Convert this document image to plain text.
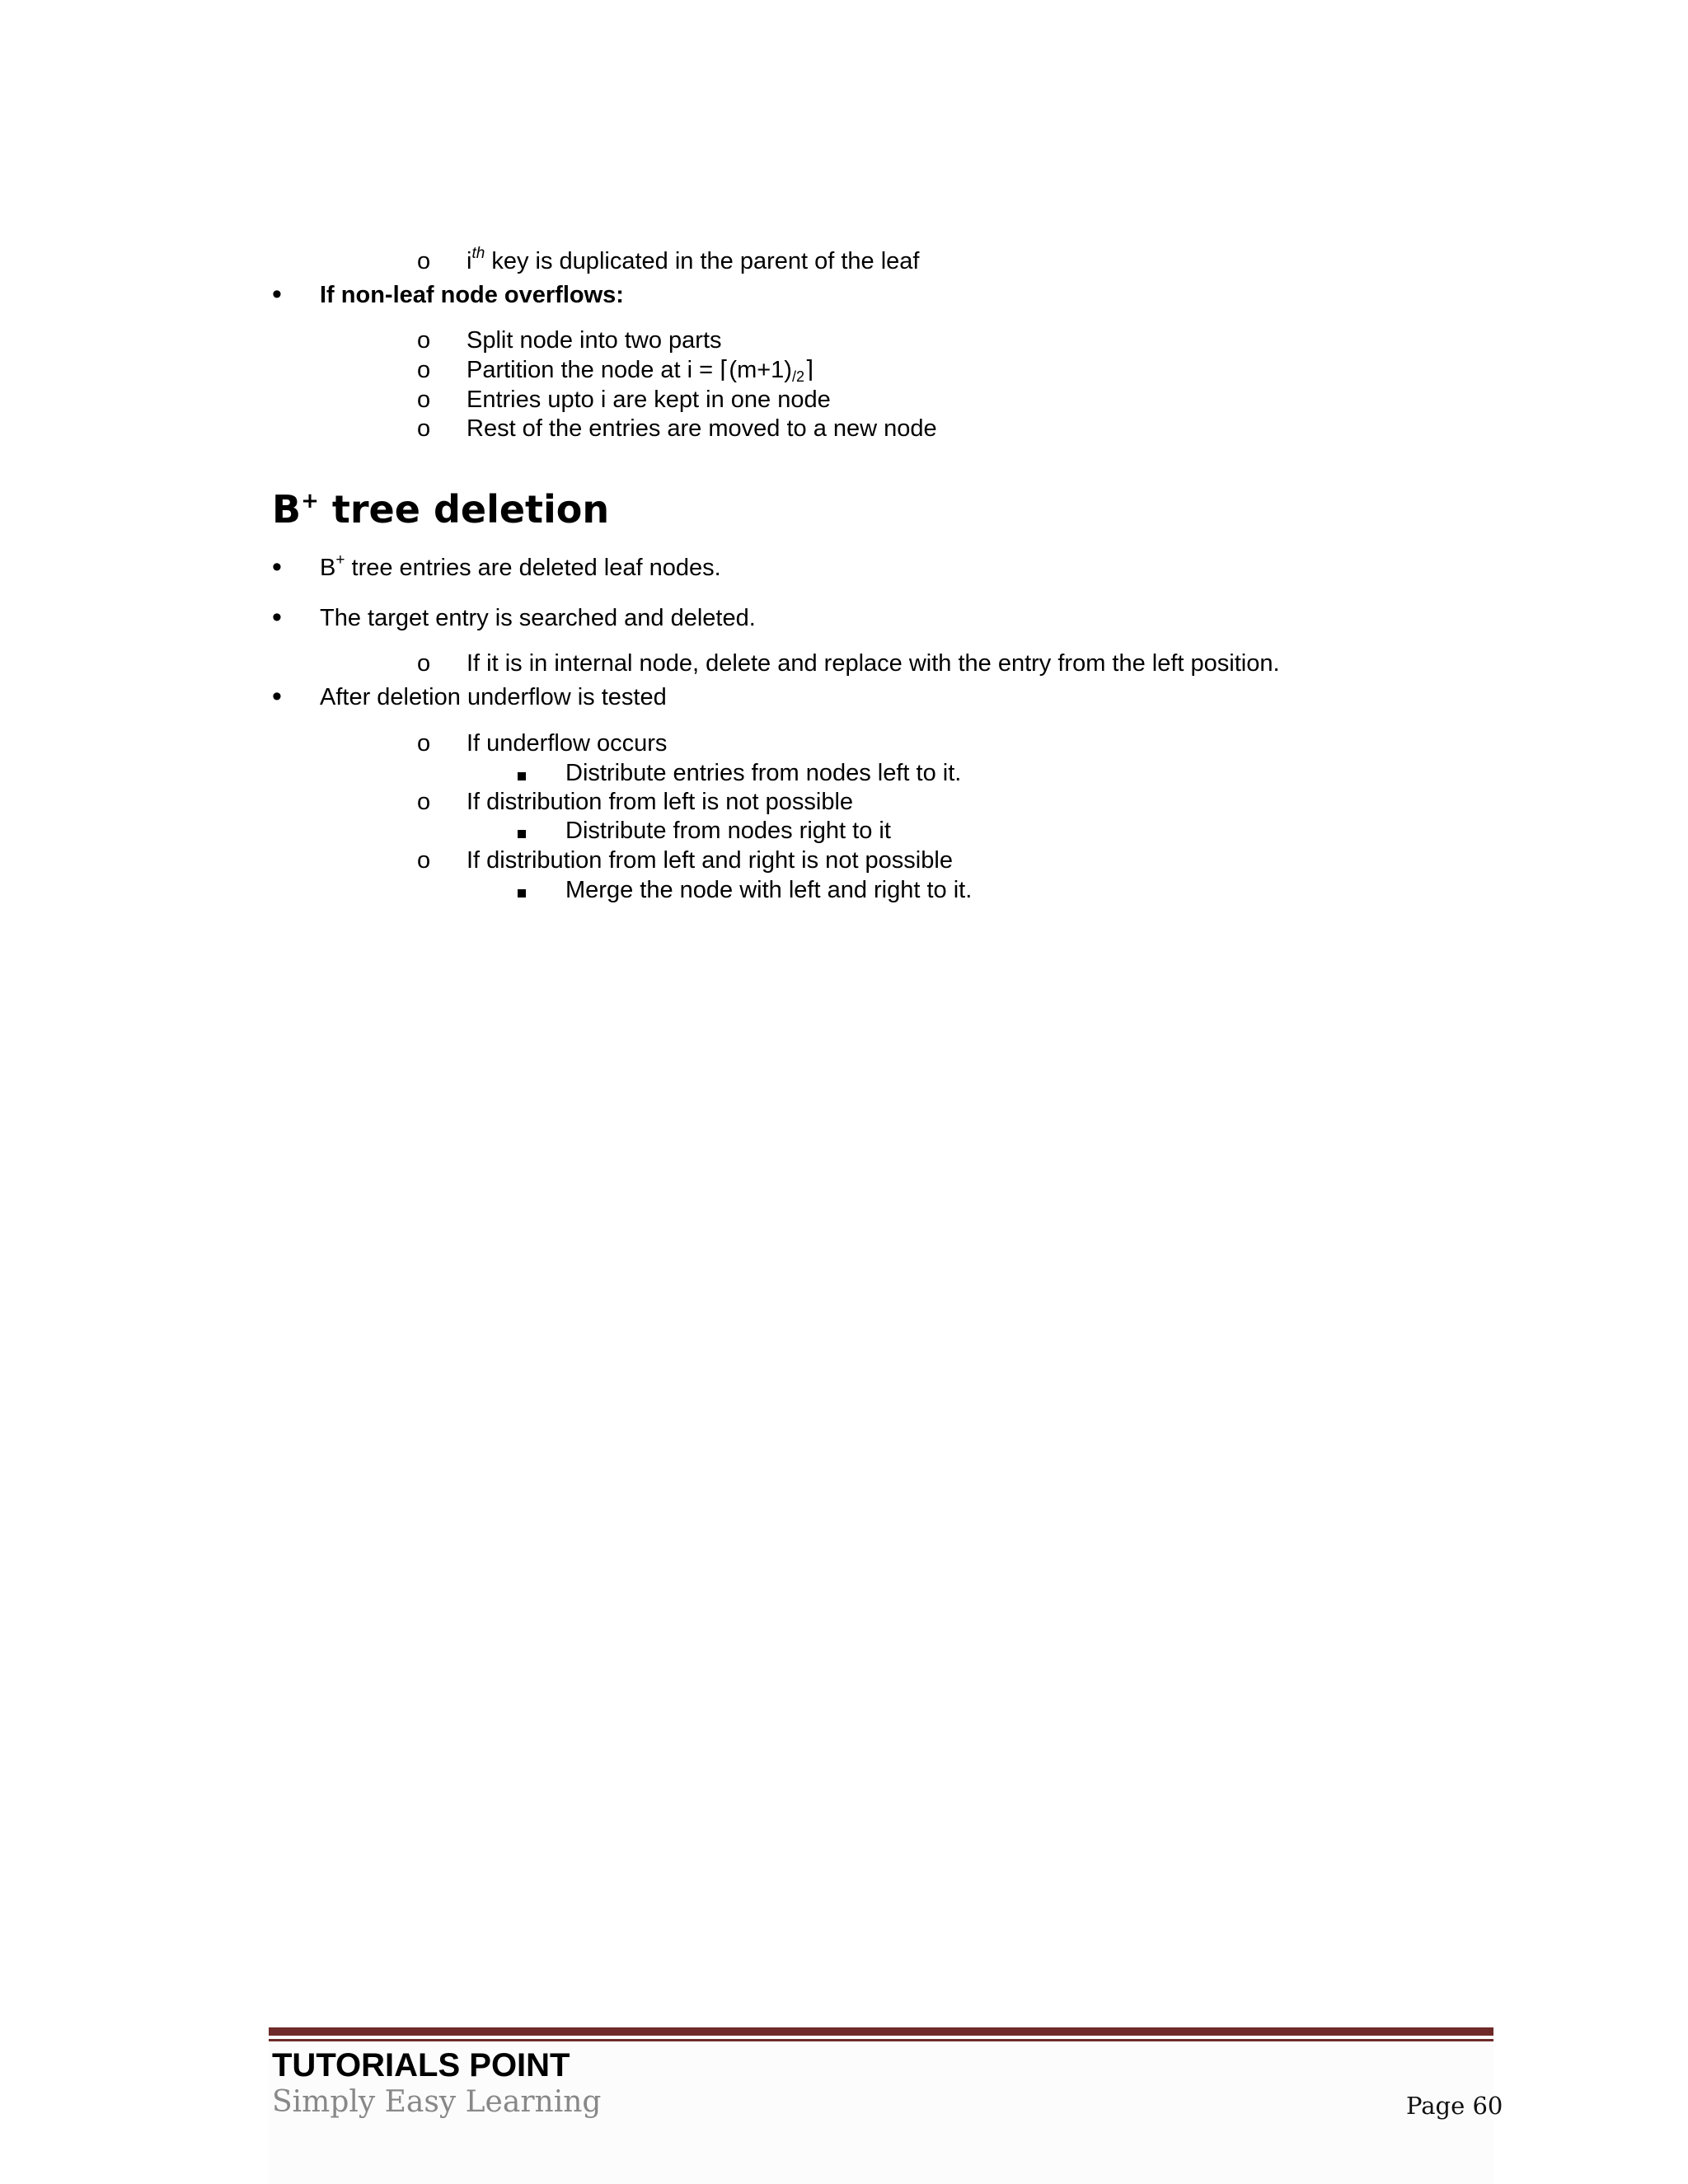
o $i^{th}$ key is duplicated in the parent of the leaf
• If non-leaf node overflows:
o Split node into two parts
o Partition the node at $i = ⌈(m+1)_{/2}⌉$
o Entries upto i are kept in one node
o Rest of the entries are moved to a new node
B+ tree deletion
• B+ tree entries are deleted leaf nodes.
• The target entry is searched and deleted.
o If it is in internal node, delete and replace with the entry from the left position.
• After deletion underflow is tested
o If underflow occurs
Distribute entries from nodes left to it.
o If distribution from left is not possible
Distribute from nodes right to it
o If distribution from left and right is not possible
Merge the node with left and right to it.
TUTORIALS POINT
Simply Easy Learning	Page 60
